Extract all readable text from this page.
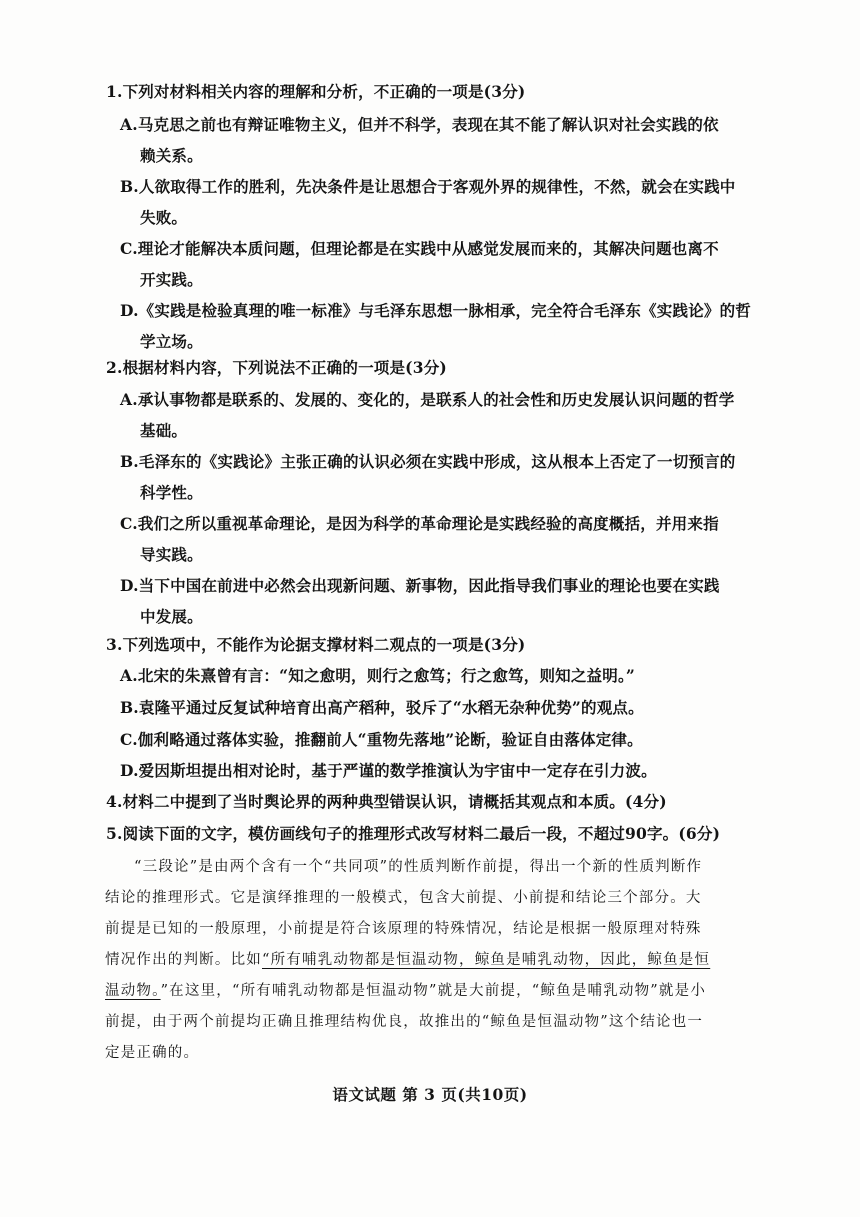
1.下列对材料相关内容的理解和分析，不正确的一项是(3分)
A.马克思之前也有辩证唯物主义，但并不科学，表现在其不能了解认识对社会实践的依
赖关系。
B.人欲取得工作的胜利，先决条件是让思想合于客观外界的规律性，不然，就会在实践中
失败。
C.理论才能解决本质问题，但理论都是在实践中从感觉发展而来的，其解决问题也离不
开实践。
D.《实践是检验真理的唯一标准》与毛泽东思想一脉相承，完全符合毛泽东《实践论》的哲
学立场。
2.根据材料内容，下列说法不正确的一项是(3分)
A.承认事物都是联系的、发展的、变化的，是联系人的社会性和历史发展认识问题的哲学
基础。
B.毛泽东的《实践论》主张正确的认识必须在实践中形成，这从根本上否定了一切预言的
科学性。
C.我们之所以重视革命理论，是因为科学的革命理论是实践经验的高度概括，并用来指
导实践。
D.当下中国在前进中必然会出现新问题、新事物，因此指导我们事业的理论也要在实践
中发展。
3.下列选项中，不能作为论据支撑材料二观点的一项是(3分)
A.北宋的朱熹曾有言：“知之愈明，则行之愈笃；行之愈笃，则知之益明。”
B.袁隆平通过反复试种培育出高产稻种，驳斥了“水稻无杂种优势”的观点。
C.伽利略通过落体实验，推翻前人“重物先落地”论断，验证自由落体定律。
D.爱因斯坦提出相对论时，基于严谨的数学推演认为宇宙中一定存在引力波。
4.材料二中提到了当时舆论界的两种典型错误认识，请概括其观点和本质。(4分)
5.阅读下面的文字，模仿画线句子的推理形式改写材料二最后一段，不超过90字。(6分)
“三段论”是由两个含有一个“共同项”的性质判断作前提，得出一个新的性质判断作
结论的推理形式。它是演绎推理的一般模式，包含大前提、小前提和结论三个部分。大
前提是已知的一般原理，小前提是符合该原理的特殊情况，结论是根据一般原理对特殊
情况作出的判断。比如“所有哺乳动物都是恒温动物，鲸鱼是哺乳动物，因此，鲸鱼是恒
温动物。”在这里，“所有哺乳动物都是恒温动物”就是大前提，“鲸鱼是哺乳动物”就是小
前提，由于两个前提均正确且推理结构优良，故推出的“鲸鱼是恒温动物”这个结论也一
定是正确的。
语文试题 第 3 页(共10页)
